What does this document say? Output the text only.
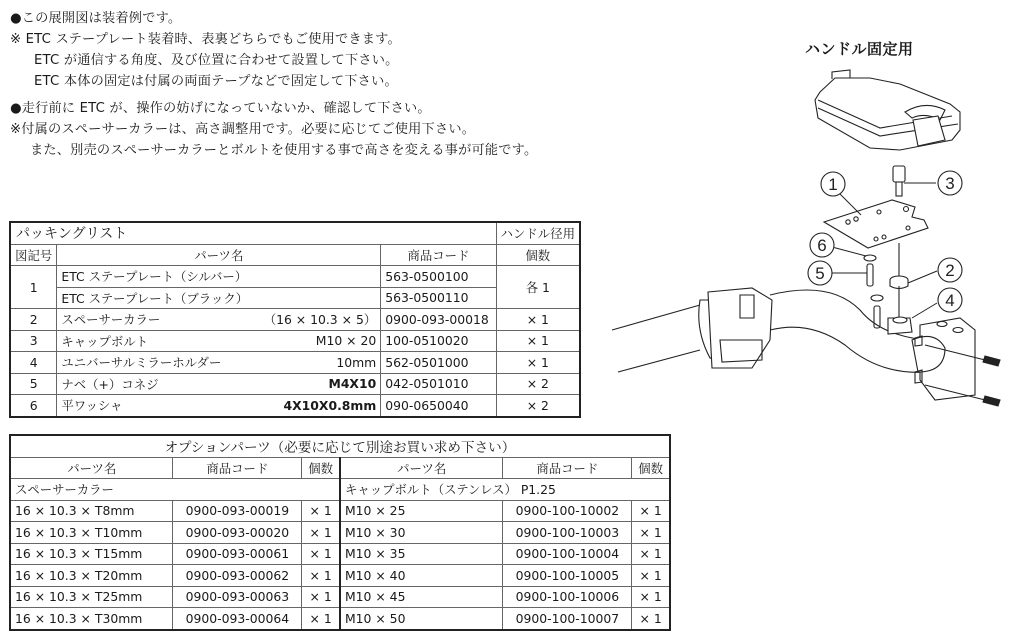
●この展開図は装着例です。
※ ETC ステープレート装着時、表裏どちらでもご使用できます。
ETC が通信する角度、及び位置に合わせて設置して下さい。
ETC 本体の固定は付属の両面テープなどで固定して下さい。
●走行前に ETC が、操作の妨げになっていないか、確認して下さい。
※付属のスペーサーカラーは、高さ調整用です。必要に応じてご使用下さい。
また、別売のスペーサーカラーとボルトを使用する事で高さを変える事が可能です。
パッキングリスト				ハンドル径用
図記号	パーツ名		商品コード	個数
1	ETC ステープレート（シルバー）		563-0500100	各 1
	ETC ステープレート（ブラック）		563-0500110	
2	スペーサーカラー	（16 × 10.3 × 5）	0900-093-00018	× 1
3	キャップボルト	M10 × 20	100-0510020	× 1
4	ユニバーサルミラーホルダー	10mm	562-0501000	× 1
5	ナベ（+）コネジ	M4X10	042-0501010	× 2
6	平ワッシャ	4X10X0.8mm	090-0650040	× 2
オプションパーツ（必要に応じて別途お買い求め下さい）					
パーツ名	商品コード	個数	パーツ名	商品コード	個数
スペーサーカラー			キャップボルト（ステンレス） P1.25		
16 × 10.3 × T8mm	0900-093-00019	× 1	M10 × 25	0900-100-10002	× 1
16 × 10.3 × T10mm	0900-093-00020	× 1	M10 × 30	0900-100-10003	× 1
16 × 10.3 × T15mm	0900-093-00061	× 1	M10 × 35	0900-100-10004	× 1
16 × 10.3 × T20mm	0900-093-00062	× 1	M10 × 40	0900-100-10005	× 1
16 × 10.3 × T25mm	0900-093-00063	× 1	M10 × 45	0900-100-10006	× 1
16 × 10.3 × T30mm	0900-093-00064	× 1	M10 × 50	0900-100-10007	× 1
ハンドル固定用
1
2
3
4
5
6
